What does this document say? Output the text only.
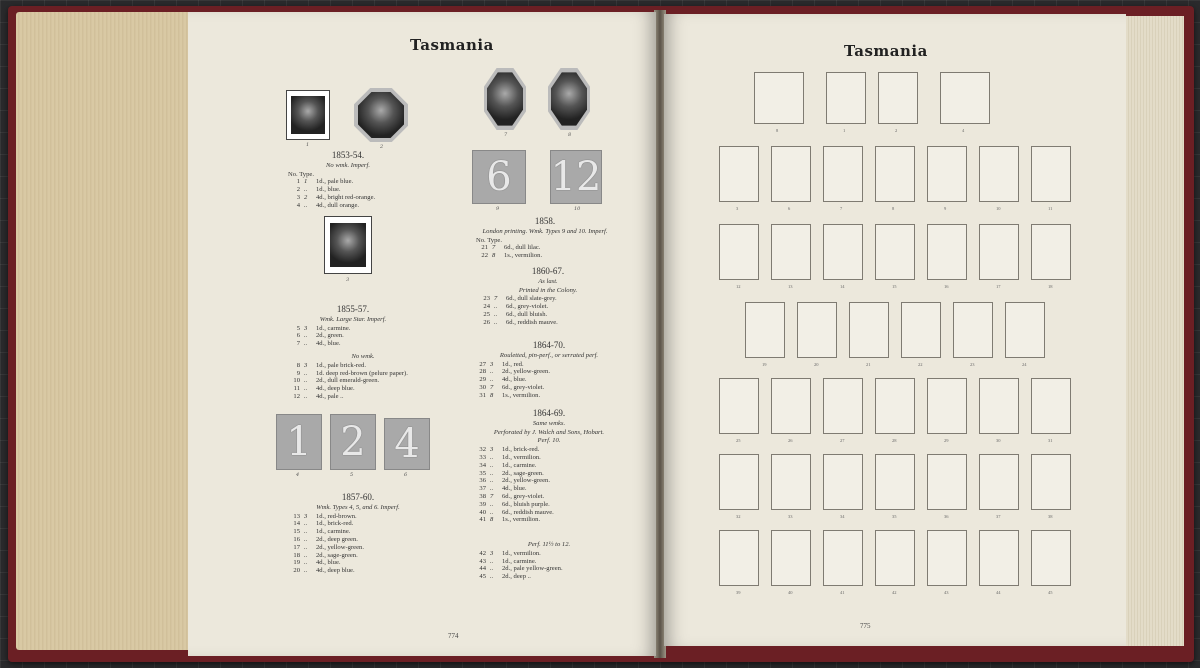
Tasmania
1	2
7	8
3
6
9
12
10
1
4
2
5
4
6
1853-54.
No wmk. Imperf.
No. Type.
1 1 1d., pale blue.
2 .. 1d., blue.
3 2 4d., bright red-orange.
4 .. 4d., dull orange.
1855-57.
Wmk. Large Star. Imperf.
5 3 1d., carmine.
6 .. 2d., green.
7 .. 4d., blue.
No wmk.
8 3 1d., pale brick-red.
9 .. 1d. deep red-brown (pelure paper).
10 .. 2d., dull emerald-green.
11 .. 4d., deep blue.
12 .. 4d., pale ..
1857-60.
Wmk. Types 4, 5, and 6. Imperf.
13 3 1d., red-brown.
14 .. 1d., brick-red.
15 .. 1d., carmine.
16 .. 2d., deep green.
17 .. 2d., yellow-green.
18 .. 2d., sage-green.
19 .. 4d., blue.
20 .. 4d., deep blue.
1858.
London printing. Wmk. Types 9 and 10. Imperf.
No. Type.
21 7 6d., dull lilac.
22 8 1s., vermilion.
1860-67.
As last.
Printed in the Colony.
23 7 6d., dull slate-grey.
24 .. 6d., grey-violet.
25 .. 6d., dull bluish.
26 .. 6d., reddish mauve.
1864-70.
Rouletted, pin-perf., or serrated perf.
27 3 1d., red.
28 .. 2d., yellow-green.
29 .. 4d., blue.
30 7 6d., grey-violet.
31 8 1s., vermilion.
1864-69.
Same wmks.
Perforated by J. Walch and Sons, Hobart.
Perf. 10.
32 3 1d., brick-red.
33 .. 1d., vermilion.
34 .. 1d., carmine.
35 .. 2d., sage-green.
36 .. 2d., yellow-green.
37 .. 4d., blue.
38 7 6d., grey-violet.
39 .. 6d., bluish purple.
40 .. 6d., reddish mauve.
41 8 1s., vermilion.
Perf. 11½ to 12.
42 3 1d., vermilion.
43 .. 1d., carmine.
44 .. 2d., pale yellow-green.
45 .. 2d., deep ..
774
Tasmania
8	1	2	4
3	6	7	8	9	10	11
12	13	14	15	16	17	18
19	20	21	22	23	24
25	26	27	28	29	30	31
32	33	34	35	36	37	38
39	40	41	42	43	44	45
775
